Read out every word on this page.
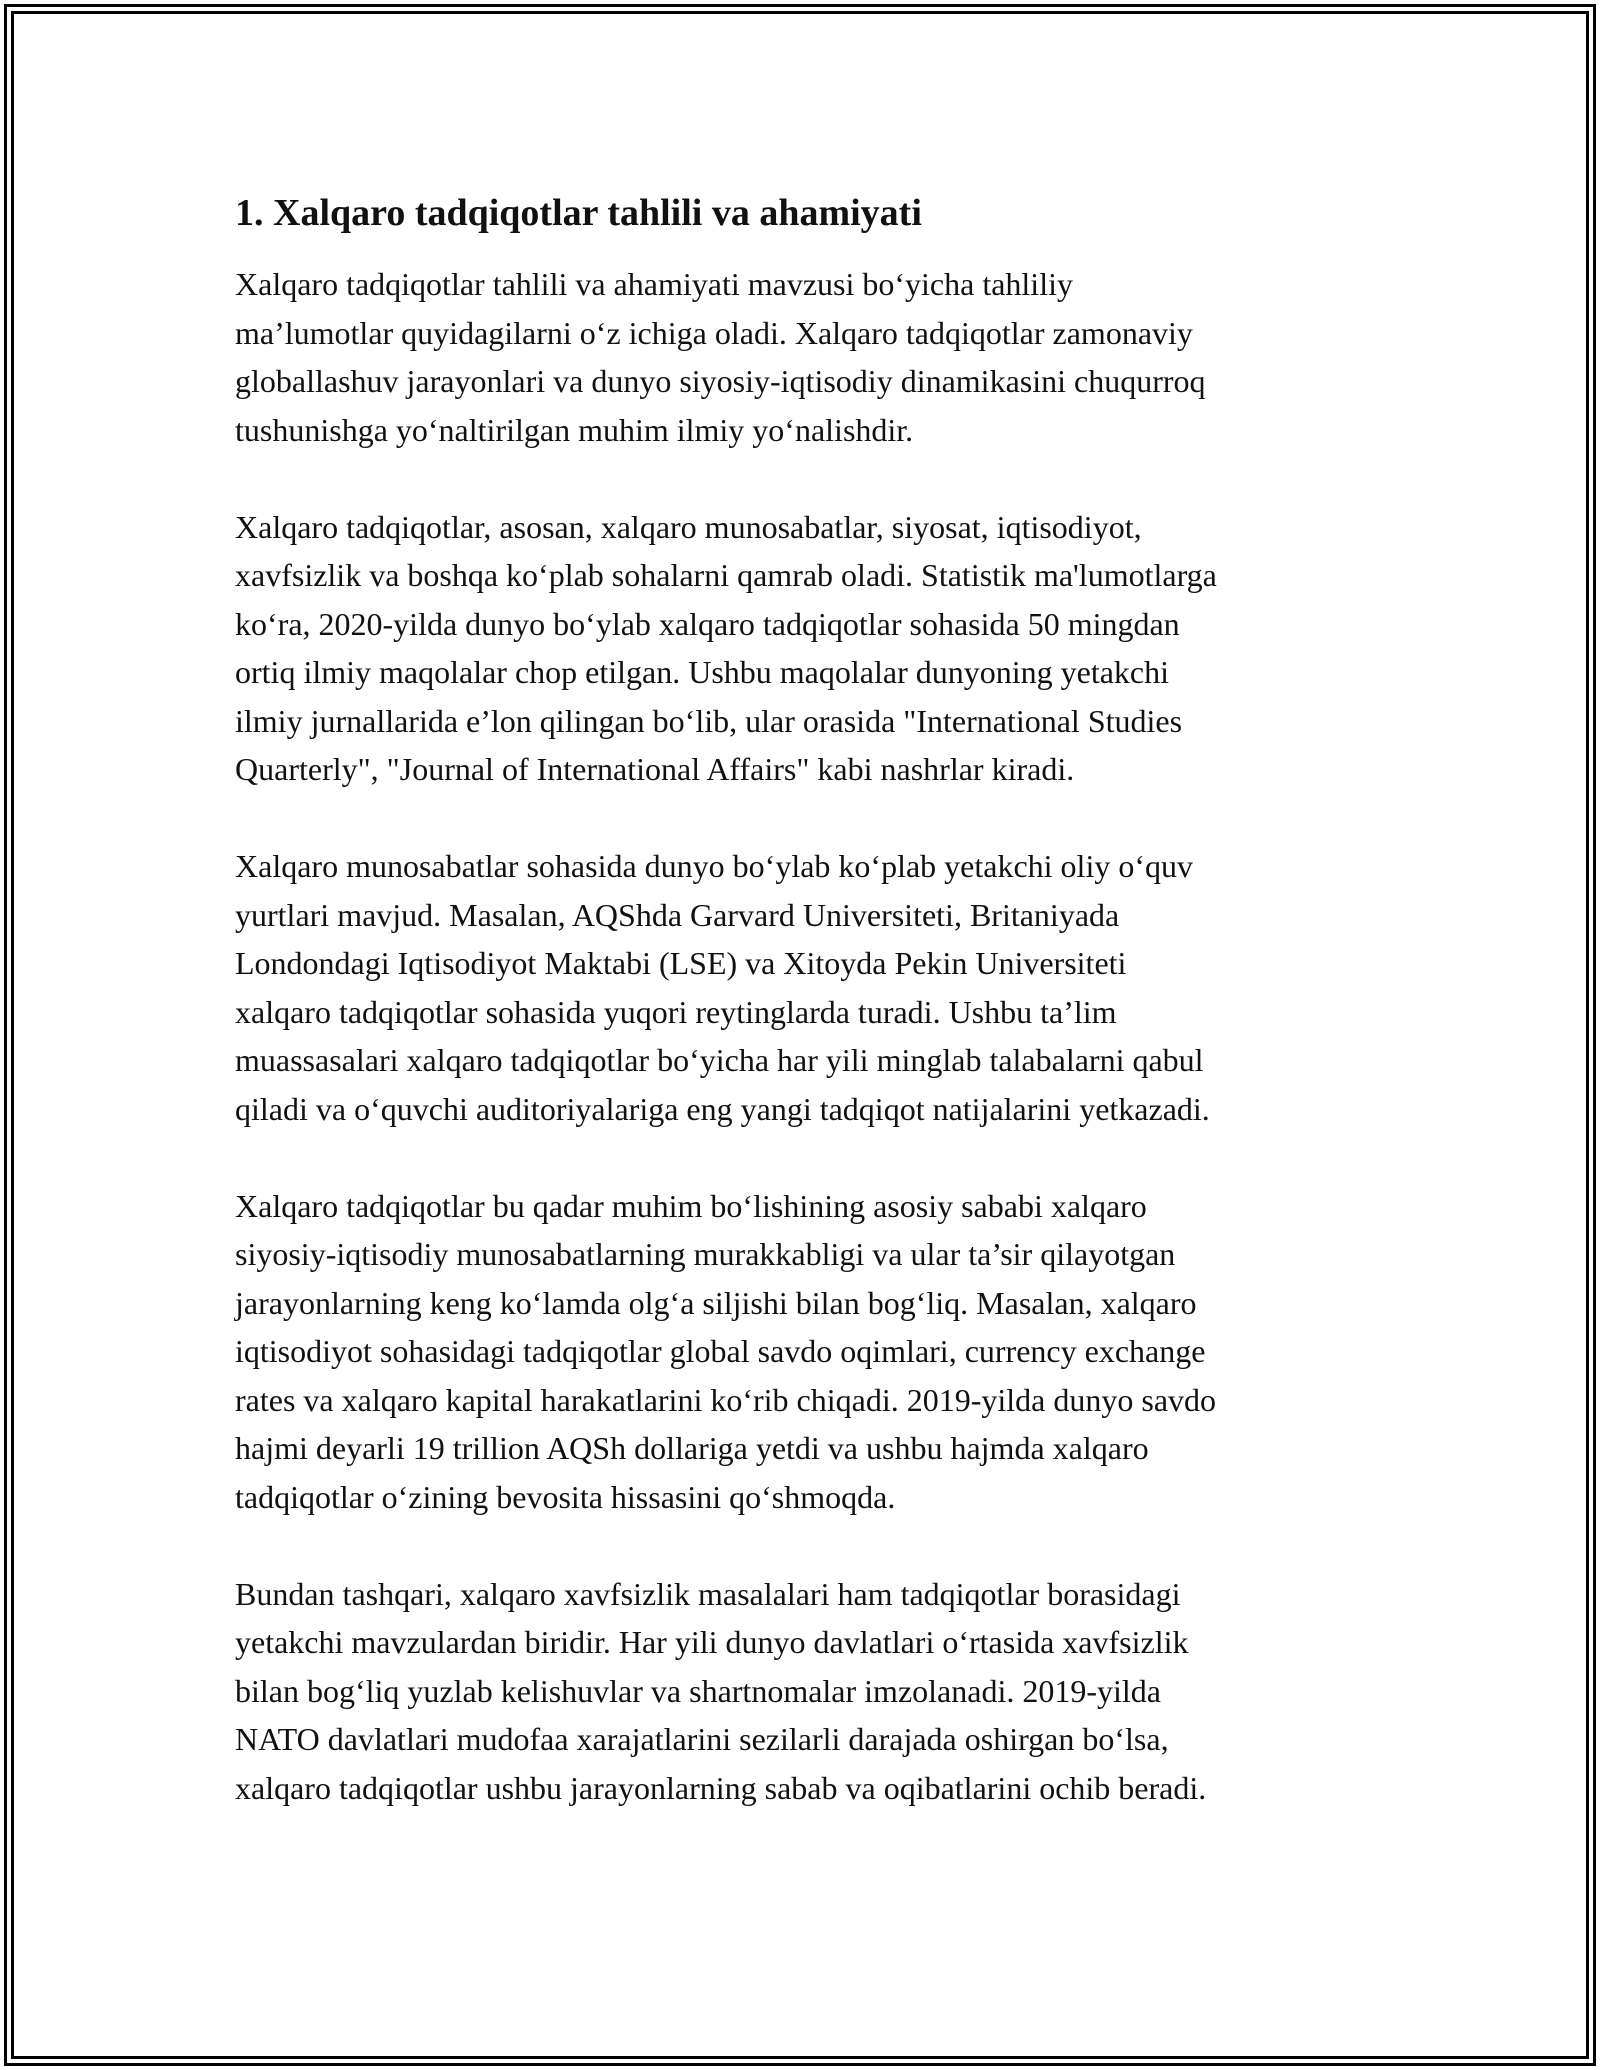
1. Xalqaro tadqiqotlar tahlili va ahamiyati

Xalqaro tadqiqotlar tahlili va ahamiyati mavzusi bo‘yicha tahliliy
ma’lumotlar quyidagilarni o‘z ichiga oladi. Xalqaro tadqiqotlar zamonaviy
globallashuv jarayonlari va dunyo siyosiy-iqtisodiy dinamikasini chuqurroq
tushunishga yo‘naltirilgan muhim ilmiy yo‘nalishdir.

Xalqaro tadqiqotlar, asosan, xalqaro munosabatlar, siyosat, iqtisodiyot,
xavfsizlik va boshqa ko‘plab sohalarni qamrab oladi. Statistik ma'lumotlarga
ko‘ra, 2020-yilda dunyo bo‘ylab xalqaro tadqiqotlar sohasida 50 mingdan
ortiq ilmiy maqolalar chop etilgan. Ushbu maqolalar dunyoning yetakchi
ilmiy jurnallarida e’lon qilingan bo‘lib, ular orasida "International Studies
Quarterly", "Journal of International Affairs" kabi nashrlar kiradi.

Xalqaro munosabatlar sohasida dunyo bo‘ylab ko‘plab yetakchi oliy o‘quv
yurtlari mavjud. Masalan, AQShda Garvard Universiteti, Britaniyada
Londondagi Iqtisodiyot Maktabi (LSE) va Xitoyda Pekin Universiteti
xalqaro tadqiqotlar sohasida yuqori reytinglarda turadi. Ushbu ta’lim
muassasalari xalqaro tadqiqotlar bo‘yicha har yili minglab talabalarni qabul
qiladi va o‘quvchi auditoriyalariga eng yangi tadqiqot natijalarini yetkazadi.

Xalqaro tadqiqotlar bu qadar muhim bo‘lishining asosiy sababi xalqaro
siyosiy-iqtisodiy munosabatlarning murakkabligi va ular ta’sir qilayotgan
jarayonlarning keng ko‘lamda olg‘a siljishi bilan bog‘liq. Masalan, xalqaro
iqtisodiyot sohasidagi tadqiqotlar global savdo oqimlari, currency exchange
rates va xalqaro kapital harakatlarini ko‘rib chiqadi. 2019-yilda dunyo savdo
hajmi deyarli 19 trillion AQSh dollariga yetdi va ushbu hajmda xalqaro
tadqiqotlar o‘zining bevosita hissasini qo‘shmoqda.

Bundan tashqari, xalqaro xavfsizlik masalalari ham tadqiqotlar borasidagi
yetakchi mavzulardan biridir. Har yili dunyo davlatlari o‘rtasida xavfsizlik
bilan bog‘liq yuzlab kelishuvlar va shartnomalar imzolanadi. 2019-yilda
NATO davlatlari mudofaa xarajatlarini sezilarli darajada oshirgan bo‘lsa,
xalqaro tadqiqotlar ushbu jarayonlarning sabab va oqibatlarini ochib beradi.
